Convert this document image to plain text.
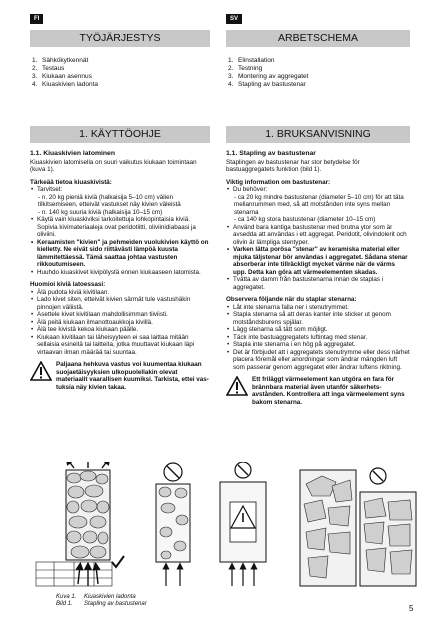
FI	SV
TYÖJÄRJESTYS
1. Sähkökytkennät
2. Testaus
3. Kiukaan asennus
4. Kiuaskivien ladonta
1. KÄYTTÖOHJE
1.1. Kiuaskivien latominen
Kiuaskivien latomisella on suuri vaikutus kiukaan toimintaan (kuva 1).
Tärkeää tietoa kiuaskivistä:
• Tarvitset:
- n. 20 kg pieniä kiviä (halkaisija 5–10 cm) välien tilkitsemiseen, etteivät vastukset näy kivien väleistä
- n. 140 kg suuria kiviä (halkaisija 10–15 cm)
• Käytä vain kiuaskiviksi tarkoitettuja lohkopintaisia kiviä. Sopivia kivimateriaaleja ovat peridotiitti, oliviinidiabaasi ja oliviini.
• Keraamisten "kivien" ja pehmeiden vuolukivien käyttö on kielletty. Ne eivät sido riittävästi lämpöä kuusta lämmitettäessä. Tämä saattaa johtaa vastusten rikkoutumiseen.
• Huuhdo kiuaskivet kivipölystä ennen kiukaaseen latomista.
Huomioi kiviä latoessasi:
• Älä pudota kiviä kivitilaan.
• Lado kivet siten, etteivät kivien särmät tule vastushäkin pinnojen väliistä.
• Asettele kivet kivitilaan mahdollisimman tiiviisti.
• Älä peitä kiukaan ilmanottoaukkoja kivillä.
• Älä tee kivistä kekoa kiukaan päälle.
• Kiukaan kivitilaan tai läheisyyteen ei saa laittaa mitään sellaisia esineitä tai laitteita, jotka muuttavat kiukaan läpi virtaavan ilman määrää tai suuntaa.
Paljaana hehkuva vastus voi kuumentaa kiukaan suojaetäisyyksien ulkopuolellakin olevat materiaalit vaarallisen kuumiksi. Tarkista, ettei vastuksia näy kivien takaa.
ARBETSCHEMA
1. Elinstallation
2. Testning
3. Montering av aggregatet
4. Stapling av bastustenar
1. BRUKSANVISNING
1.1. Stapling av bastustenar
Staplingen av bastustenar har stor betydelse för bastuaggregatets funktion (bild 1).
Viktig information om bastustenar:
• Du behöver:
- ca 20 kg mindre bastustenar (diameter 5–10 cm) för att täta mellanrummen med, så att motstånden inte syns mellan stenarna
- ca 140 kg stora bastustenar (diameter 10–15 cm)
• Använd bara kantiga bastustenar med brutna ytor som är avsedda att användas i ett aggregat. Peridotit, olivindolerit och olivin är lämpliga stentyper.
• Varken lätta porösa "stenar" av keramiska material eller mjuka täljstenar bör användas i aggregatet. Sådana stenar absorberar inte tillräckligt mycket värme när de värms upp. Detta kan göra att värmeelementen skadas.
• Tvätta av damm från bastustenarna innan de staplas i aggregatet.
Observera följande när du staplar stenarna:
• Låt inte stenarna falla ner i stenutrymmet.
• Stapla stenarna så att deras kanter inte sticker ut genom motståndsburens spjälar.
• Lägg stenarna så tätt som möjligt.
• Täck inte bastuaggregatets luftintag med stenar.
• Stapla inte stenarna i en hög på aggregatet.
• Det är förbjudet att i aggregatets stenutrymme eller dess närhet placera föremål eller anordningar som ändrar mängden luft som passerar genom aggregatet eller ändrar luftens riktning.
Ett friläggt värmeelement kan utgöra en fara för brännbara material även utanför säkerhetsavstånden. Kontrollera att inga värmeelement syns bakom stenarna.
Kuva 1. Kiuaskivien ladonta
Bild 1. Stapling av bastustenar	5
